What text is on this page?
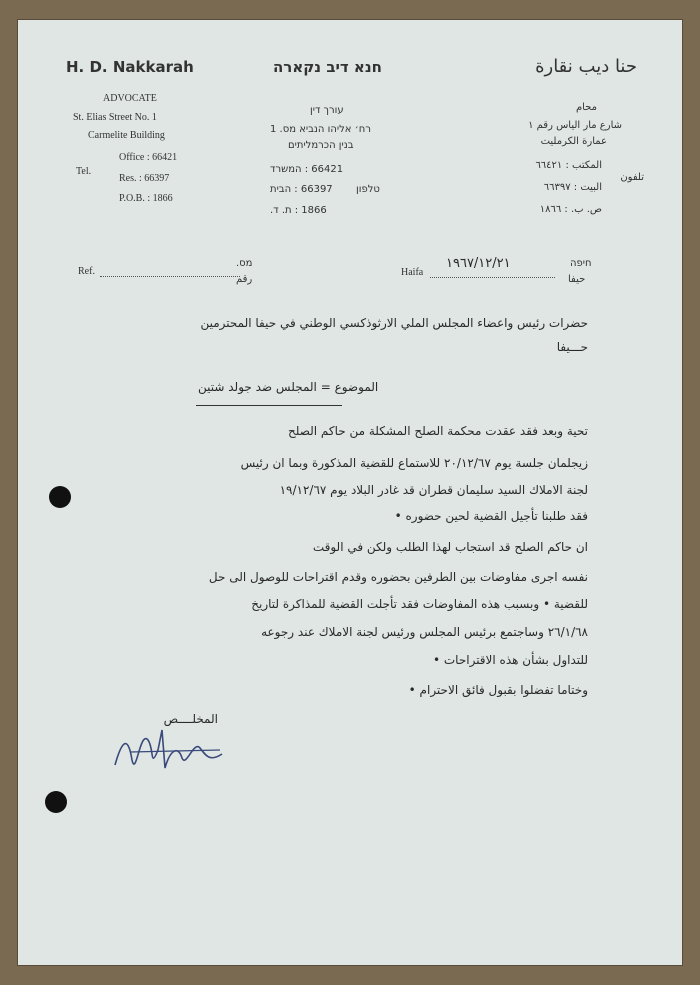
H. D. Nakkarah	חנא דיב נקארה	حنا ديب نقارة
ADVOCATE
St. Elias Street No. 1
Carmelite Building
Tel.
Office : 66421
Res. : 66397
P.O.B. : 1866
עורך דין
רח׳ אליהו הנביא מס. 1
בנין הכרמליתים
66421 : המשרד
66397 : הבית
1866 : ת. ד.
טלפון
محام
شارع مار الياس رقم ١
عمارة الكرمليت
المكتب : ٦٦٤٢١
البيت : ٦٦٣٩٧
ص. ب. : ١٨٦٦
تلفون
Ref.
מס.
رقم
Haifa
١٩٦٧/١٢/٢١	חיפה
حيفا
حضرات رئيس واعضاء المجلس الملي الارثوذكسي الوطني في حيفا المحترمين
حـــيفا
الموضوع = المجلس ضد جولد شتين
تحية وبعد فقد عقدت محكمة الصلح المشكلة من حاكم الصلح
زيجلمان جلسة يوم ٢٠/١٢/٦٧ للاستماع للقضية المذكورة وبما ان رئيس
لجنة الاملاك السيد سليمان قطران قد غادر البلاد يوم ١٩/١٢/٦٧
فقد طلبنا تأجيل القضية لحين حضوره •
ان حاكم الصلح قد استجاب لهذا الطلب ولكن في الوقت
نفسه اجرى مفاوضات بين الطرفين بحضوره وقدم اقتراحات للوصول الى حل
للقضية • وبسبب هذه المفاوضات فقد تأجلت القضية للمذاكرة لتاريخ
٢٦/١/٦٨ وساجتمع برئيس المجلس ورئيس لجنة الاملاك عند رجوعه
للتداول بشأن هذه الاقتراحات •
وختاما تفضلوا بقبول فائق الاحترام •
المخلــــص
